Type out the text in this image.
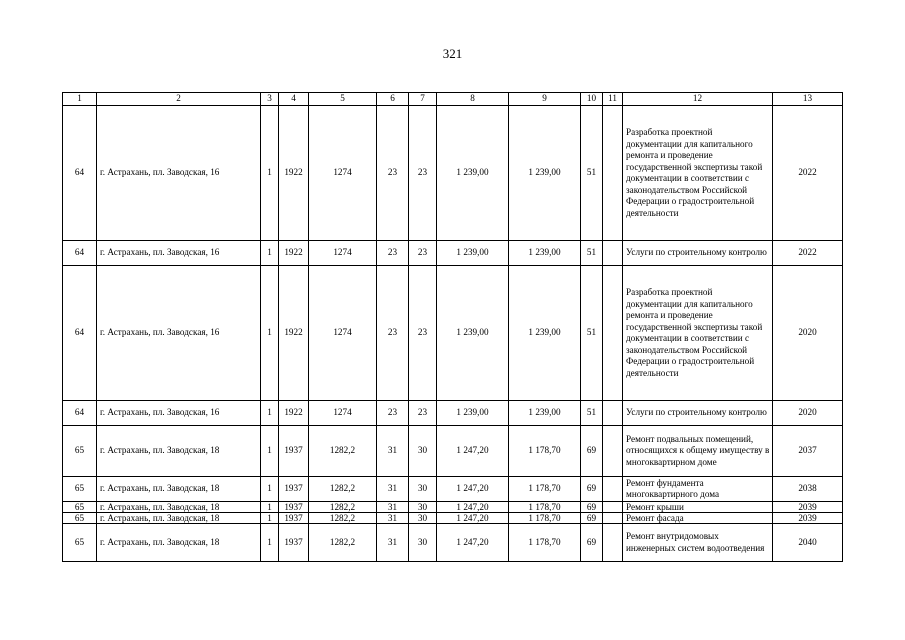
321
1	2	3	4	5	6	7	8	9	10	11	12	13
64	г. Астрахань, пл. Заводская, 16	1	1922	1274	23	23	1 239,00	1 239,00	51		Разработка проектной документации для капитального ремонта и проведение государственной экспертизы такой документации в соответствии с законодательством Российской Федерации о градостроительной деятельности	2022
64	г. Астрахань, пл. Заводская, 16	1	1922	1274	23	23	1 239,00	1 239,00	51		Услуги по строительному контролю	2022
64	г. Астрахань, пл. Заводская, 16	1	1922	1274	23	23	1 239,00	1 239,00	51		Разработка проектной документации для капитального ремонта и проведение государственной экспертизы такой документации в соответствии с законодательством Российской Федерации о градостроительной деятельности	2020
64	г. Астрахань, пл. Заводская, 16	1	1922	1274	23	23	1 239,00	1 239,00	51		Услуги по строительному контролю	2020
65	г. Астрахань, пл. Заводская, 18	1	1937	1282,2	31	30	1 247,20	1 178,70	69		Ремонт подвальных помещений, относящихся к общему имуществу в многоквартирном доме	2037
65	г. Астрахань, пл. Заводская, 18	1	1937	1282,2	31	30	1 247,20	1 178,70	69		Ремонт фундамента многоквартирного дома	2038
65	г. Астрахань, пл. Заводская, 18	1	1937	1282,2	31	30	1 247,20	1 178,70	69		Ремонт крыши	2039
65	г. Астрахань, пл. Заводская, 18	1	1937	1282,2	31	30	1 247,20	1 178,70	69		Ремонт фасада	2039
65	г. Астрахань, пл. Заводская, 18	1	1937	1282,2	31	30	1 247,20	1 178,70	69		Ремонт внутридомовых инженерных систем водоотведения	2040
